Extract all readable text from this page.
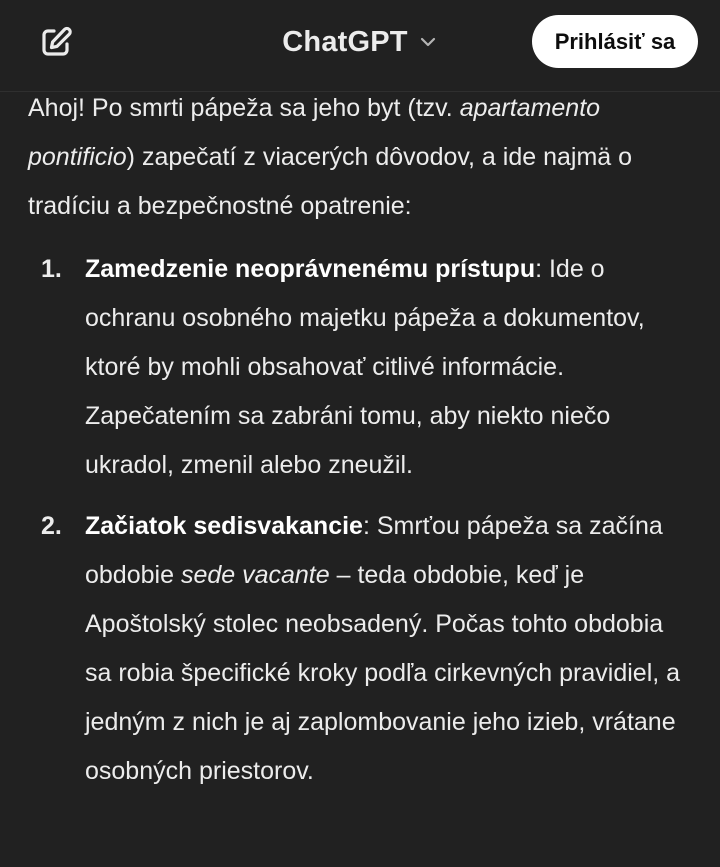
ChatGPT	Prihlásiť sa

Ahoj! Po smrti pápeža sa jeho byt (tzv. apartamento pontificio) zapečatí z viacerých dôvodov, a ide najmä o tradíciu a bezpečnostné opatrenie:

1. Zamedzenie neoprávnenému prístupu: Ide o ochranu osobného majetku pápeža a dokumentov, ktoré by mohli obsahovať citlivé informácie. Zapečatením sa zabráni tomu, aby niekto niečo ukradol, zmenil alebo zneužil.
2. Začiatok sedisvakancie: Smrťou pápeža sa začína obdobie sede vacante – teda obdobie, keď je Apoštolský stolec neobsadený. Počas tohto obdobia sa robia špecifické kroky podľa cirkevných pravidiel, a jedným z nich je aj zaplombovanie jeho izieb, vrátane osobných priestorov.
